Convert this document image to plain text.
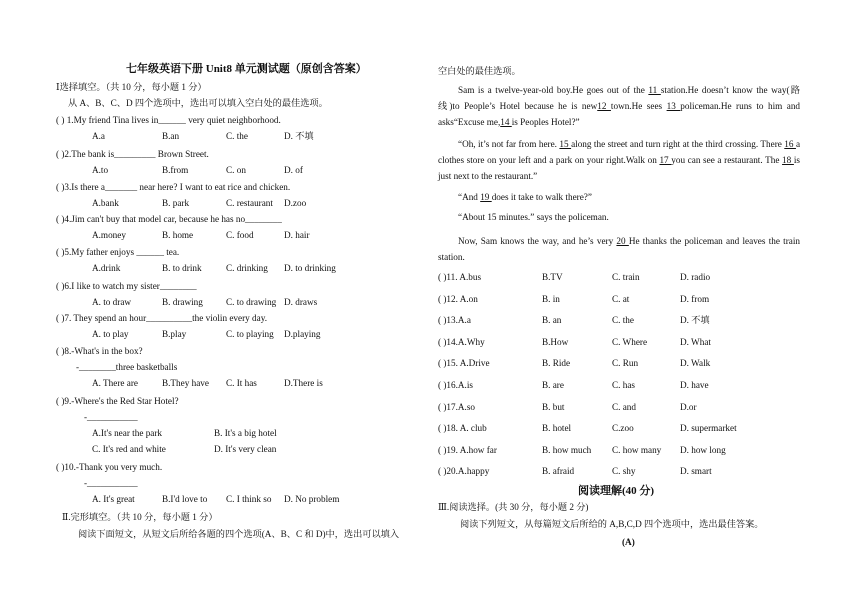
七年级英语下册 Unit8 单元测试题（原创含答案）
Ⅰ选择填空。（共 10 分，每小题 1 分）
从 A、B、C、D 四个选项中，选出可以填入空白处的最佳选项。
( ) 1.My friend Tina lives in______ very quiet neighborhood.
A.a	B.an	C. the	D. 不填
( )2.The bank is_________ Brown Street.
A.to	B.from	C. on	D. of
( )3.Is there a_______ near here? I want to eat rice and chicken.
A.bank	B. park	C. restaurant D.zoo
( )4.Jim can't buy that model car, because he has no________
A.money	B. home	C. food	D. hair
( )5.My father enjoys ______ tea.
A.drink	B. to drink	C. drinking D. to drinking
( )6.I like to watch my sister________
A. to draw	B. drawing	C. to drawing D. draws
( )7. They spend an hour__________the violin every day.
A. to play	B.play	C. to playing D.playing
( )8.-What's in the box?
-________three basketballs
A. There are	B.They have C. It has	D.There is
( )9.-Where's the Red Star Hotel?
-___________
A.It's near the park	B. It's a big hotel
C. It's red and white	D. It's very clean
( )10.-Thank you very much.
-___________
A. It's great	B.I'd love to C. I think so D. No problem
Ⅱ.完形填空。（共 10 分，每小题 1 分）
阅读下面短文，从短文后所给各题的四个选项(A、B、C 和 D)中，选出可以填入
空白处的最佳选项。
Sam is a twelve-year-old boy.He goes out of the 11 station.He doesn’t know the way(路线)to People’s Hotel because he is new12 town.He sees 13 policeman.He runs to him and asks“Excuse me,14 is Peoples Hotel?”
“Oh, it’s not far from here. 15 along the street and turn right at the third crossing. There 16 a clothes store on your left and a park on your right.Walk on 17 you can see a restaurant. The 18 is just next to the restaurant.”
“And 19 does it take to walk there?”
“About 15 minutes.” says the policeman.
Now, Sam knows the way, and he’s very 20 He thanks the policeman and leaves the train station.
( )11. A.bus	B.TV	C. train	D. radio
( )12. A.on	B. in	C. at	D. from
( )13.A.a	B. an	C. the	D. 不填
( )14.A.Why	B.How	C. Where	D. What
( )15. A.Drive	B. Ride	C. Run	D. Walk
( )16.A.is	B. are	C. has	D. have
( )17.A.so	B. but	C. and	D.or
( )18. A. club	B. hotel	C.zoo	D. supermarket
( )19. A.how far	B. how much C. how many D. how long
( )20.A.happy	B. afraid	C. shy	D. smart
阅读理解(40 分)
Ⅲ.阅读选择。(共 30 分，每小题 2 分)
阅读下列短文，从每篇短文后所给的 A,B,C,D 四个选项中，选出最佳答案。
(A)
